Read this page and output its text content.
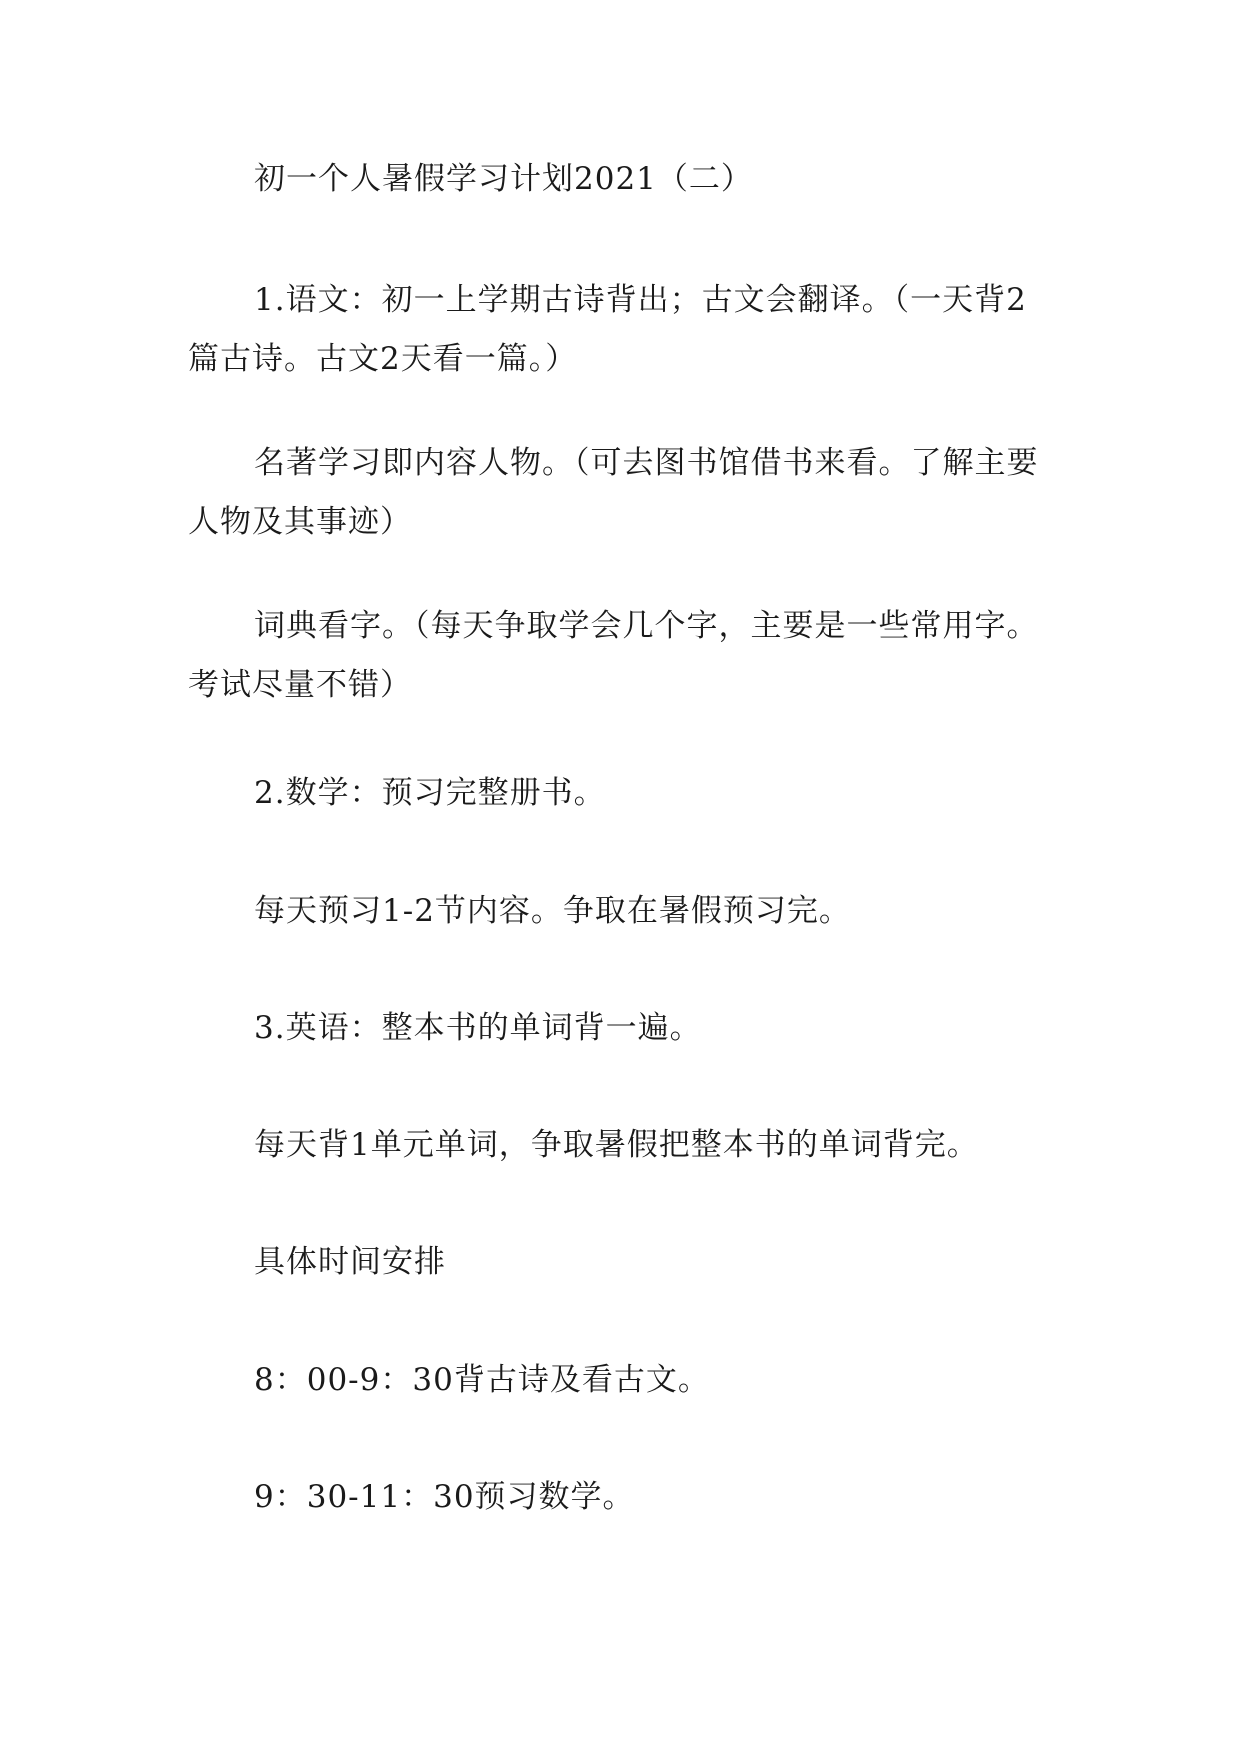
初一个人暑假学习计划2021（二）

1.语文：初一上学期古诗背出；古文会翻译。（一天背2篇古诗。古文2天看一篇。）

名著学习即内容人物。（可去图书馆借书来看。了解主要人物及其事迹）

词典看字。（每天争取学会几个字，主要是一些常用字。考试尽量不错）

2.数学：预习完整册书。

每天预习1-2节内容。争取在暑假预习完。

3.英语：整本书的单词背一遍。

每天背1单元单词，争取暑假把整本书的单词背完。

具体时间安排

8：00-9：30背古诗及看古文。

9：30-11：30预习数学。
